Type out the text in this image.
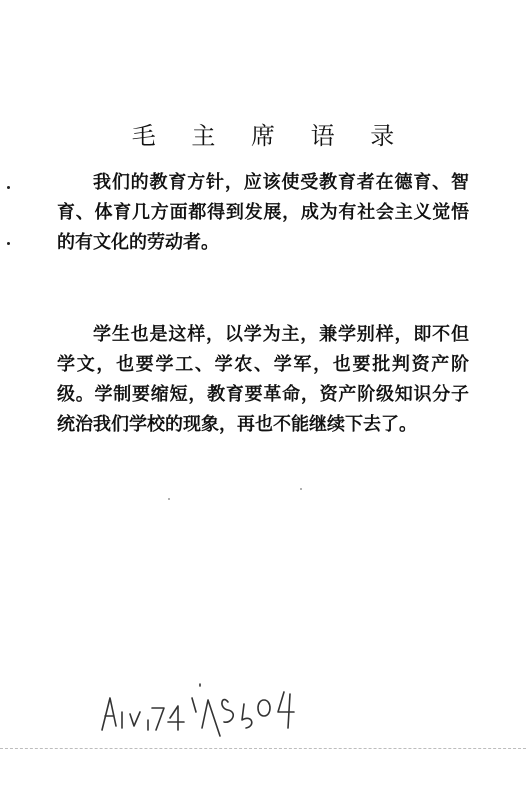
毛 主 席 语 录

我们的教育方针，应该使受教育者在德育、智育、体育几方面都得到发展，成为有社会主义觉悟的有文化的劳动者。

学生也是这样，以学为主，兼学别样，即不但学文，也要学工、学农、学军，也要批判资产阶级。学制要缩短，教育要革命，资产阶级知识分子统治我们学校的现象，再也不能继续下去了。
